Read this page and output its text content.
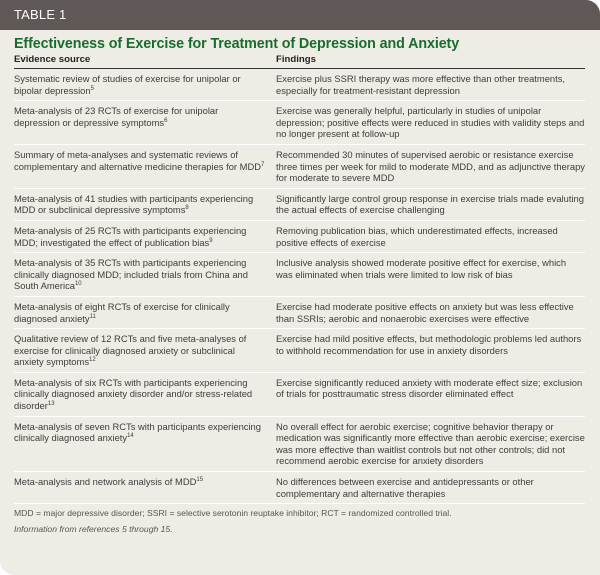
TABLE 1
Effectiveness of Exercise for Treatment of Depression and Anxiety
Evidence source	Findings
Systematic review of studies of exercise for unipolar or bipolar depression$^5$	Exercise plus SSRI therapy was more effective than other treatments, especially for treatment-resistant depression
Meta-analysis of 23 RCTs of exercise for unipolar depression or depressive symptoms$^6$	Exercise was generally helpful, particularly in studies of unipolar depression; positive effects were reduced in studies with validity steps and no longer present at follow-up
Summary of meta-analyses and systematic reviews of complementary and alternative medicine therapies for MDD$^7$	Recommended 30 minutes of supervised aerobic or resistance exercise three times per week for mild to moderate MDD, and as adjunctive therapy for moderate to severe MDD
Meta-analysis of 41 studies with participants experiencing MDD or subclinical depressive symptoms$^8$	Significantly large control group response in exercise trials made evaluting the actual effects of exercise challenging
Meta-analysis of 25 RCTs with participants experiencing MDD; investigated the effect of publication bias$^9$	Removing publication bias, which underestimated effects, increased positive effects of exercise
Meta-analysis of 35 RCTs with participants experiencing clinically diagnosed MDD; included trials from China and South America$^{10}$	Inclusive analysis showed moderate positive effect for exercise, which was eliminated when trials were limited to low risk of bias
Meta-analysis of eight RCTs of exercise for clinically diagnosed anxiety$^{11}$	Exercise had moderate positive effects on anxiety but was less effective than SSRIs; aerobic and nonaerobic exercises were effective
Qualitative review of 12 RCTs and five meta-analyses of exercise for clinically diagnosed anxiety or subclinical anxiety symptoms$^{12}$	Exercise had mild positive effects, but methodologic problems led authors to withhold recommendation for use in anxiety disorders
Meta-analysis of six RCTs with participants experiencing clinically diagnosed anxiety disorder and/or stress-related disorder$^{13}$	Exercise significantly reduced anxiety with moderate effect size; exclusion of trials for posttraumatic stress disorder eliminated effect
Meta-analysis of seven RCTs with participants experiencing clinically diagnosed anxiety$^{14}$	No overall effect for aerobic exercise; cognitive behavior therapy or medication was significantly more effective than aerobic exercise; exercise was more effective than waitlist controls but not other controls; did not recommend aerobic exercise for anxiety disorders
Meta-analysis and network analysis of MDD$^{15}$	No differences between exercise and antidepressants or other complementary and alternative therapies
MDD = major depressive disorder; SSRI = selective serotonin reuptake inhibitor; RCT = randomized controlled trial.
Information from references 5 through 15.
